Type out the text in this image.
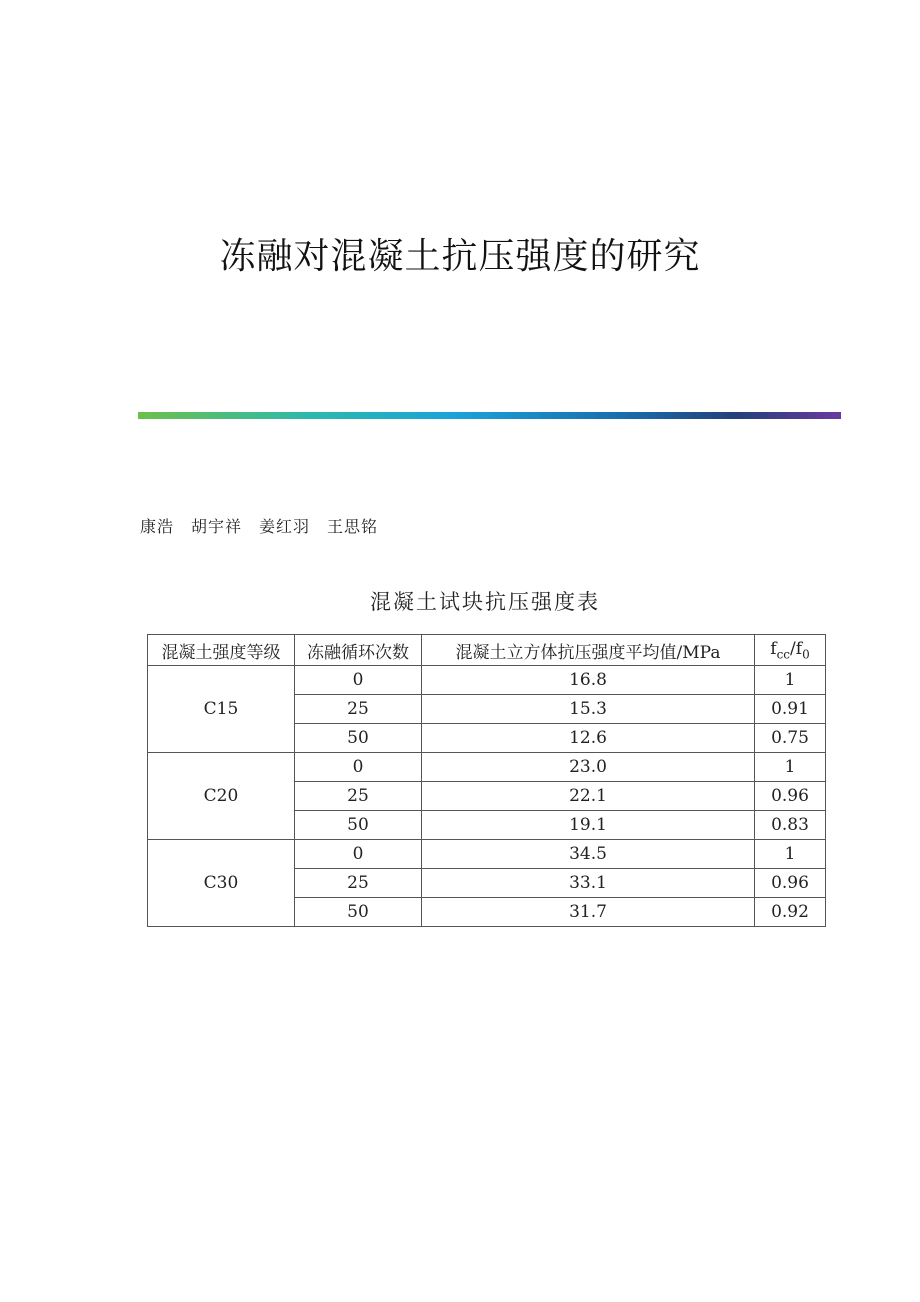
冻融对混凝土抗压强度的研究
康浩　胡宇祥　姜红羽　王思铭
混凝土试块抗压强度表
混凝土强度等级	冻融循环次数	混凝土立方体抗压强度平均值/MPa	$f_{cc}/f_0$
C15	0	16.8	1
	25	15.3	0.91
	50	12.6	0.75
C20	0	23.0	1
	25	22.1	0.96
	50	19.1	0.83
C30	0	34.5	1
	25	33.1	0.96
	50	31.7	0.92
